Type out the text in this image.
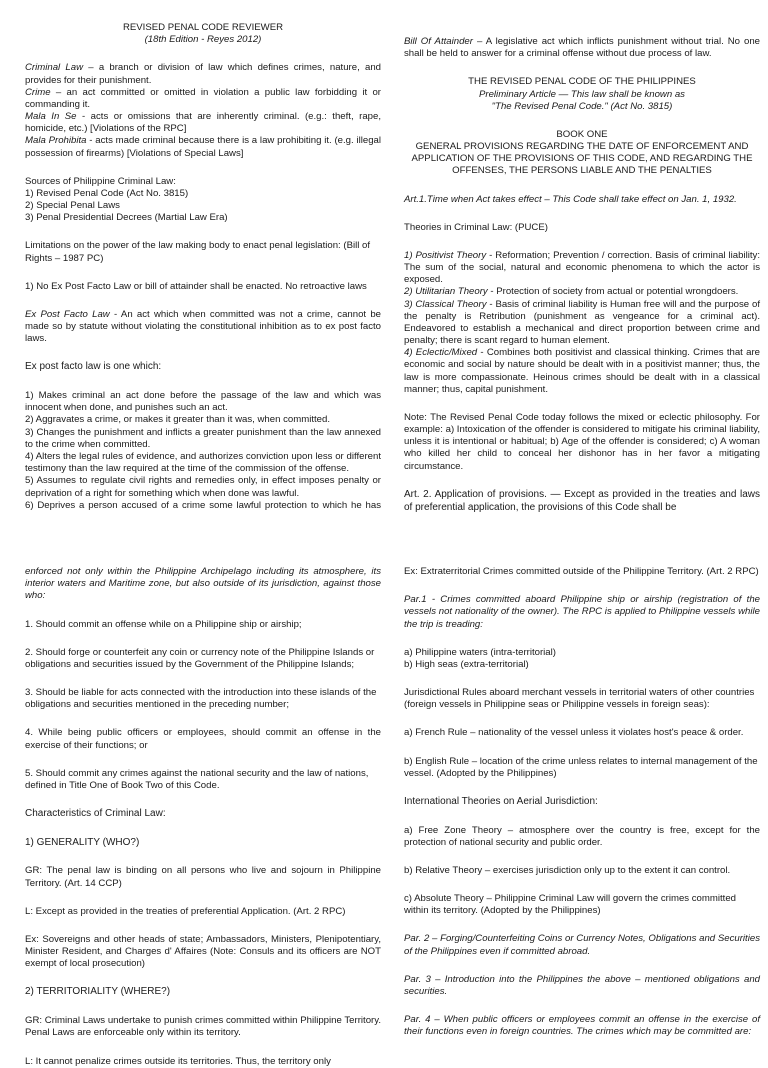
REVISED PENAL CODE REVIEWER

(18th Edition - Reyes 2012)

Criminal Law – a branch or division of law which defines crimes, nature, and provides for their punishment.

Crime – an act committed or omitted in violation a public law forbidding it or commanding it.

Mala In Se - acts or omissions that are inherently criminal. (e.g.: theft, rape, homicide, etc.) [Violations of the RPC]

Mala Prohibita - acts made criminal because there is a law prohibiting it. (e.g. illegal possession of firearms) [Violations of Special Laws]

Sources of Philippine Criminal Law:

1) Revised Penal Code (Act No. 3815)

2) Special Penal Laws

3) Penal Presidential Decrees (Martial Law Era)

Limitations on the power of the law making body to enact penal legislation: (Bill of Rights – 1987 PC)

1) No Ex Post Facto Law or bill of attainder shall be enacted. No retroactive laws

Ex Post Facto Law - An act which when committed was not a crime, cannot be made so by statute without violating the constitutional inhibition as to ex post facto laws.

Ex post facto law is one which:

1) Makes criminal an act done before the passage of the law and which was innocent when done, and punishes such an act.

2) Aggravates a crime, or makes it greater than it was, when committed.

3) Changes the punishment and inflicts a greater punishment than the law annexed to the crime when committed.

4) Alters the legal rules of evidence, and authorizes conviction upon less or different testimony than the law required at the time of the commission of the offense.

5) Assumes to regulate civil rights and remedies only, in effect imposes penalty or deprivation of a right for something which when done was lawful.

6) Deprives a person accused of a crime some lawful protection to which he has

Bill Of Attainder – A legislative act which inflicts punishment without trial. No one shall be held to answer for a criminal offense without due process of law.

THE REVISED PENAL CODE OF THE PHILIPPINES

Preliminary Article — This law shall be known as

"The Revised Penal Code." (Act No. 3815)

BOOK ONE

GENERAL PROVISIONS REGARDING THE DATE OF ENFORCEMENT AND APPLICATION OF THE PROVISIONS OF THIS CODE, AND REGARDING THE OFFENSES, THE PERSONS LIABLE AND THE PENALTIES

Art.1.Time when Act takes effect – This Code shall take effect on Jan. 1, 1932.

Theories in Criminal Law: (PUCE)

1) Positivist Theory - Reformation; Prevention / correction. Basis of criminal liability: The sum of the social, natural and economic phenomena to which the actor is exposed.

2) Utilitarian Theory - Protection of society from actual or potential wrongdoers.

3) Classical Theory - Basis of criminal liability is Human free will and the purpose of the penalty is Retribution (punishment as vengeance for a criminal act). Endeavored to establish a mechanical and direct proportion between crime and penalty; there is scant regard to human element.

4) Eclectic/Mixed - Combines both positivist and classical thinking. Crimes that are economic and social by nature should be dealt with in a positivist manner; thus, the law is more compassionate. Heinous crimes should be dealt with in a classical manner; thus, capital punishment.

Note: The Revised Penal Code today follows the mixed or eclectic philosophy. For example: a) Intoxication of the offender is considered to mitigate his criminal liability, unless it is intentional or habitual; b) Age of the offender is considered; c) A woman who killed her child to conceal her dishonor has in her favor a mitigating circumstance.

Art. 2. Application of provisions. — Except as provided in the treaties and laws of preferential application, the provisions of this Code shall be

enforced not only within the Philippine Archipelago including its atmosphere, its interior waters and Maritime zone, but also outside of its jurisdiction, against those who:

1. Should commit an offense while on a Philippine ship or airship;

2. Should forge or counterfeit any coin or currency note of the Philippine Islands or obligations and securities issued by the Government of the Philippine Islands;

3. Should be liable for acts connected with the introduction into these islands of the obligations and securities mentioned in the preceding number;

4. While being public officers or employees, should commit an offense in the exercise of their functions; or

5. Should commit any crimes against the national security and the law of nations, defined in Title One of Book Two of this Code.

Characteristics of Criminal Law:

1) GENERALITY (WHO?)

GR: The penal law is binding on all persons who live and sojourn in Philippine Territory. (Art. 14 CCP)

L: Except as provided in the treaties of preferential Application. (Art. 2 RPC)

Ex: Sovereigns and other heads of state; Ambassadors, Ministers, Plenipotentiary, Minister Resident, and Charges d' Affaires (Note: Consuls and its officers are NOT exempt of local prosecution)

2) TERRITORIALITY (WHERE?)

GR: Criminal Laws undertake to punish crimes committed within Philippine Territory. Penal Laws are enforceable only within its territory.

L: It cannot penalize crimes outside its territories. Thus, the territory only

Ex: Extraterritorial Crimes committed outside of the Philippine Territory. (Art. 2 RPC)

Par.1 - Crimes committed aboard Philippine ship or airship (registration of the vessels not nationality of the owner). The RPC is applied to Philippine vessels while the trip is treading:

a) Philippine waters (intra-territorial)

b) High seas (extra-territorial)

Jurisdictional Rules aboard merchant vessels in territorial waters of other countries (foreign vessels in Philippine seas or Philippine vessels in foreign seas):

a) French Rule – nationality of the vessel unless it violates host's peace & order.

b) English Rule – location of the crime unless relates to internal management of the vessel. (Adopted by the Philippines)

International Theories on Aerial Jurisdiction:

a) Free Zone Theory – atmosphere over the country is free, except for the protection of national security and public order.

b) Relative Theory – exercises jurisdiction only up to the extent it can control.

c) Absolute Theory – Philippine Criminal Law will govern the crimes committed within its territory. (Adopted by the Philippines)

Par. 2 – Forging/Counterfeiting Coins or Currency Notes, Obligations and Securities of the Philippines even if committed abroad.

Par. 3 – Introduction into the Philippines the above – mentioned obligations and securities.

Par. 4 – When public officers or employees commit an offense in the exercise of their functions even in foreign countries. The crimes which may be committed are:
